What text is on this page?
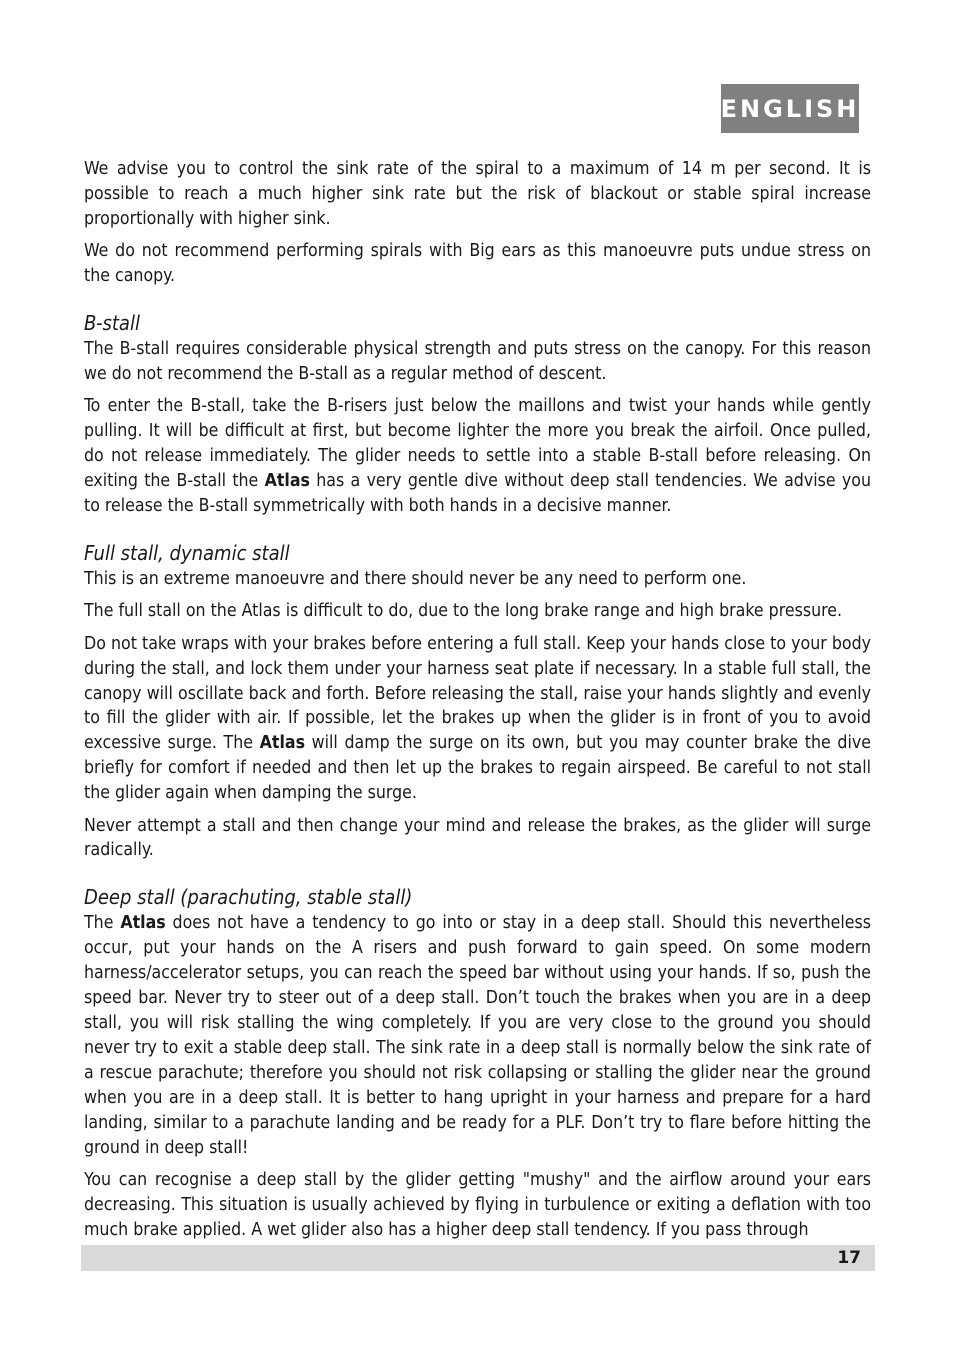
ENGLISH

We advise you to control the sink rate of the spiral to a maximum of 14 m per second. It is possible to reach a much higher sink rate but the risk of blackout or stable spiral increase proportionally with higher sink.

We do not recommend performing spirals with Big ears as this manoeuvre puts undue stress on the canopy.

B-stall

The B-stall requires considerable physical strength and puts stress on the canopy. For this reason we do not recommend the B-stall as a regular method of descent.

To enter the B-stall, take the B-risers just below the maillons and twist your hands while gently pulling. It will be difficult at first, but become lighter the more you break the airfoil. Once pulled, do not release immediately. The glider needs to settle into a stable B-stall before releasing. On exiting the B-stall the Atlas has a very gentle dive without deep stall tendencies. We advise you to release the B-stall symmetrically with both hands in a decisive manner.

Full stall, dynamic stall

This is an extreme manoeuvre and there should never be any need to perform one.

The full stall on the Atlas is difficult to do, due to the long brake range and high brake pressure.

Do not take wraps with your brakes before entering a full stall. Keep your hands close to your body during the stall, and lock them under your harness seat plate if necessary. In a stable full stall, the canopy will oscillate back and forth. Before releasing the stall, raise your hands slightly and evenly to fill the glider with air. If possible, let the brakes up when the glider is in front of you to avoid excessive surge. The Atlas will damp the surge on its own, but you may counter brake the dive briefly for comfort if needed and then let up the brakes to regain airspeed. Be careful to not stall the glider again when damping the surge.

Never attempt a stall and then change your mind and release the brakes, as the glider will surge radically.

Deep stall (parachuting, stable stall)

The Atlas does not have a tendency to go into or stay in a deep stall. Should this nevertheless occur, put your hands on the A risers and push forward to gain speed. On some modern harness/accelerator setups, you can reach the speed bar without using your hands. If so, push the speed bar. Never try to steer out of a deep stall. Don’t touch the brakes when you are in a deep stall, you will risk stalling the wing completely. If you are very close to the ground you should never try to exit a stable deep stall. The sink rate in a deep stall is normally below the sink rate of a rescue parachute; therefore you should not risk collapsing or stalling the glider near the ground when you are in a deep stall. It is better to hang upright in your harness and prepare for a hard landing, similar to a parachute landing and be ready for a PLF. Don’t try to flare before hitting the ground in deep stall!

You can recognise a deep stall by the glider getting "mushy" and the airflow around your ears decreasing. This situation is usually achieved by flying in turbulence or exiting a deflation with too much brake applied. A wet glider also has a higher deep stall tendency. If you pass through

17
